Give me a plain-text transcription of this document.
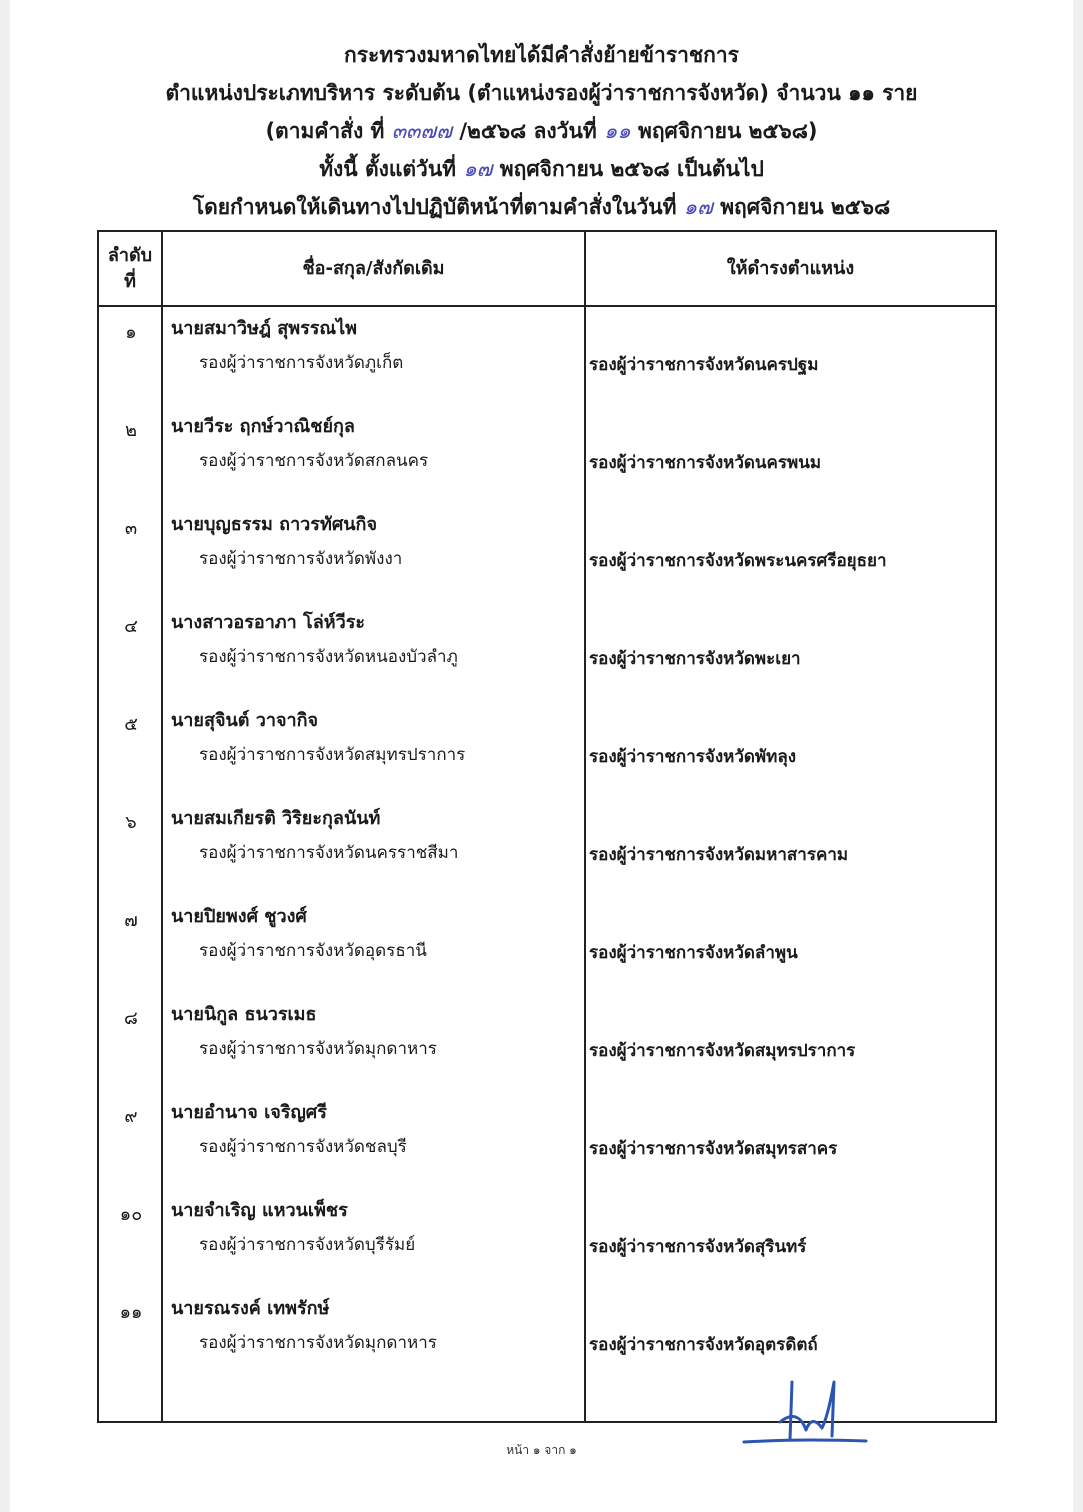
กระทรวงมหาดไทยได้มีคำสั่งย้ายข้าราชการ
ตำแหน่งประเภทบริหาร ระดับต้น (ตำแหน่งรองผู้ว่าราชการจังหวัด) จำนวน ๑๑ ราย
(ตามคำสั่ง ที่ ๓๓๗๗ /๒๕๖๘ ลงวันที่ ๑๑ พฤศจิกายน ๒๕๖๘)
ทั้งนี้ ตั้งแต่วันที่ ๑๗ พฤศจิกายน ๒๕๖๘ เป็นต้นไป
โดยกำหนดให้เดินทางไปปฏิบัติหน้าที่ตามคำสั่งในวันที่ ๑๗ พฤศจิกายน ๒๕๖๘
ลำดับ
ที่
ชื่อ-สกุล/สังกัดเดิม	ให้ดำรงตำแหน่ง
๑	นายสมาวิษฎ์ สุพรรณไพ
รองผู้ว่าราชการจังหวัดภูเก็ต	รองผู้ว่าราชการจังหวัดนครปฐม
๒	นายวีระ ฤกษ์วาณิชย์กุล
รองผู้ว่าราชการจังหวัดสกลนคร	รองผู้ว่าราชการจังหวัดนครพนม
๓	นายบุญธรรม ถาวรทัศนกิจ
รองผู้ว่าราชการจังหวัดพังงา	รองผู้ว่าราชการจังหวัดพระนครศรีอยุธยา
๔	นางสาวอรอาภา โล่ห์วีระ
รองผู้ว่าราชการจังหวัดหนองบัวลำภู	รองผู้ว่าราชการจังหวัดพะเยา
๕	นายสุจินต์ วาจากิจ
รองผู้ว่าราชการจังหวัดสมุทรปราการ	รองผู้ว่าราชการจังหวัดพัทลุง
๖	นายสมเกียรติ วิริยะกุลนันท์
รองผู้ว่าราชการจังหวัดนครราชสีมา	รองผู้ว่าราชการจังหวัดมหาสารคาม
๗	นายปิยพงศ์ ชูวงศ์
รองผู้ว่าราชการจังหวัดอุดรธานี	รองผู้ว่าราชการจังหวัดลำพูน
๘	นายนิกูล ธนวรเมธ
รองผู้ว่าราชการจังหวัดมุกดาหาร	รองผู้ว่าราชการจังหวัดสมุทรปราการ
๙	นายอำนาจ เจริญศรี
รองผู้ว่าราชการจังหวัดชลบุรี	รองผู้ว่าราชการจังหวัดสมุทรสาคร
๑๐	นายจำเริญ แหวนเพ็ชร
รองผู้ว่าราชการจังหวัดบุรีรัมย์	รองผู้ว่าราชการจังหวัดสุรินทร์
๑๑	นายรณรงค์ เทพรักษ์
รองผู้ว่าราชการจังหวัดมุกดาหาร	รองผู้ว่าราชการจังหวัดอุตรดิตถ์
หน้า ๑ จาก ๑
